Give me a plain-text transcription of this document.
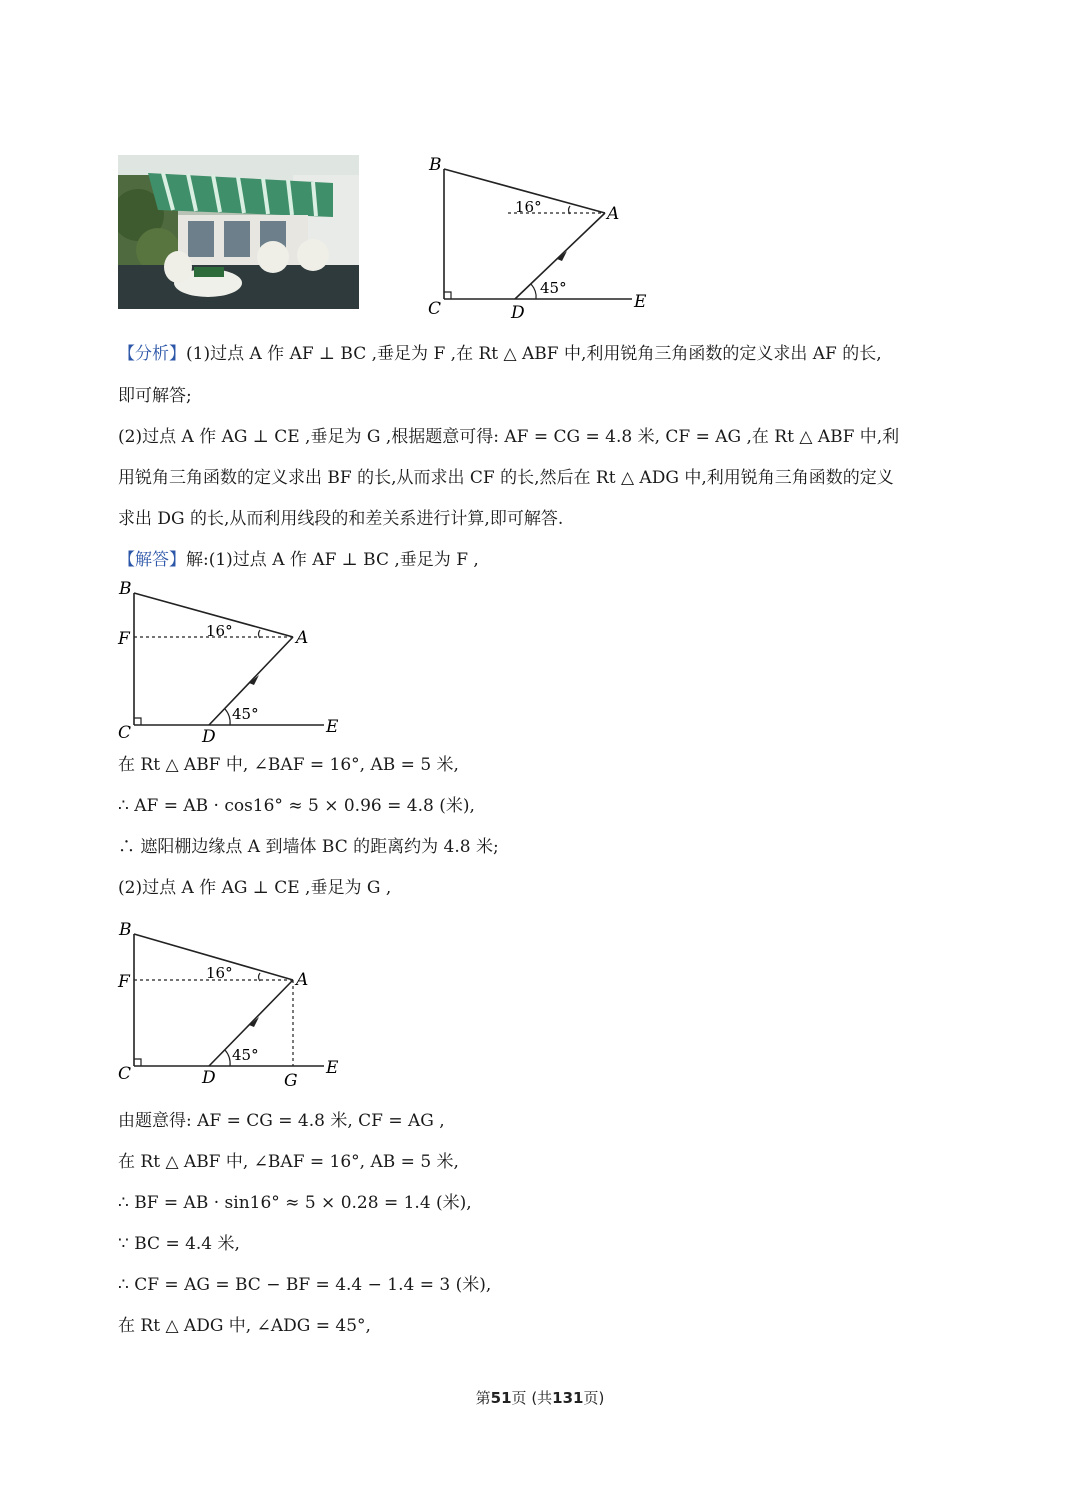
B
A
C	D
E
16°
45°
【分析】(1)过点 A 作 AF ⊥ BC ,垂足为 F ,在 Rt △ ABF 中,利用锐角三角函数的定义求出 AF 的长,
即可解答;
(2)过点 A 作 AG ⊥ CE ,垂足为 G ,根据题意可得: AF = CG = 4.8 米, CF = AG ,在 Rt △ ABF 中,利
用锐角三角函数的定义求出 BF 的长,从而求出 CF 的长,然后在 Rt △ ADG 中,利用锐角三角函数的定义
求出 DG 的长,从而利用线段的和差关系进行计算,即可解答.
【解答】解:(1)过点 A 作 AF ⊥ BC ,垂足为 F ,
B
F	A
C	D	E
16°
45°
在 Rt △ ABF 中, ∠BAF = 16°, AB = 5 米,
∴ AF = AB · cos16° ≈ 5 × 0.96 = 4.8 (米),
∴ 遮阳棚边缘点 A 到墙体 BC 的距离约为 4.8 米;
(2)过点 A 作 AG ⊥ CE ,垂足为 G ,
B
F	A
C	D	G
E
16°
45°
由题意得: AF = CG = 4.8 米, CF = AG ,
在 Rt △ ABF 中, ∠BAF = 16°, AB = 5 米,
∴ BF = AB · sin16° ≈ 5 × 0.28 = 1.4 (米),
∵ BC = 4.4 米,
∴ CF = AG = BC − BF = 4.4 − 1.4 = 3 (米),
在 Rt △ ADG 中, ∠ADG = 45°,
第51页 (共131页)
